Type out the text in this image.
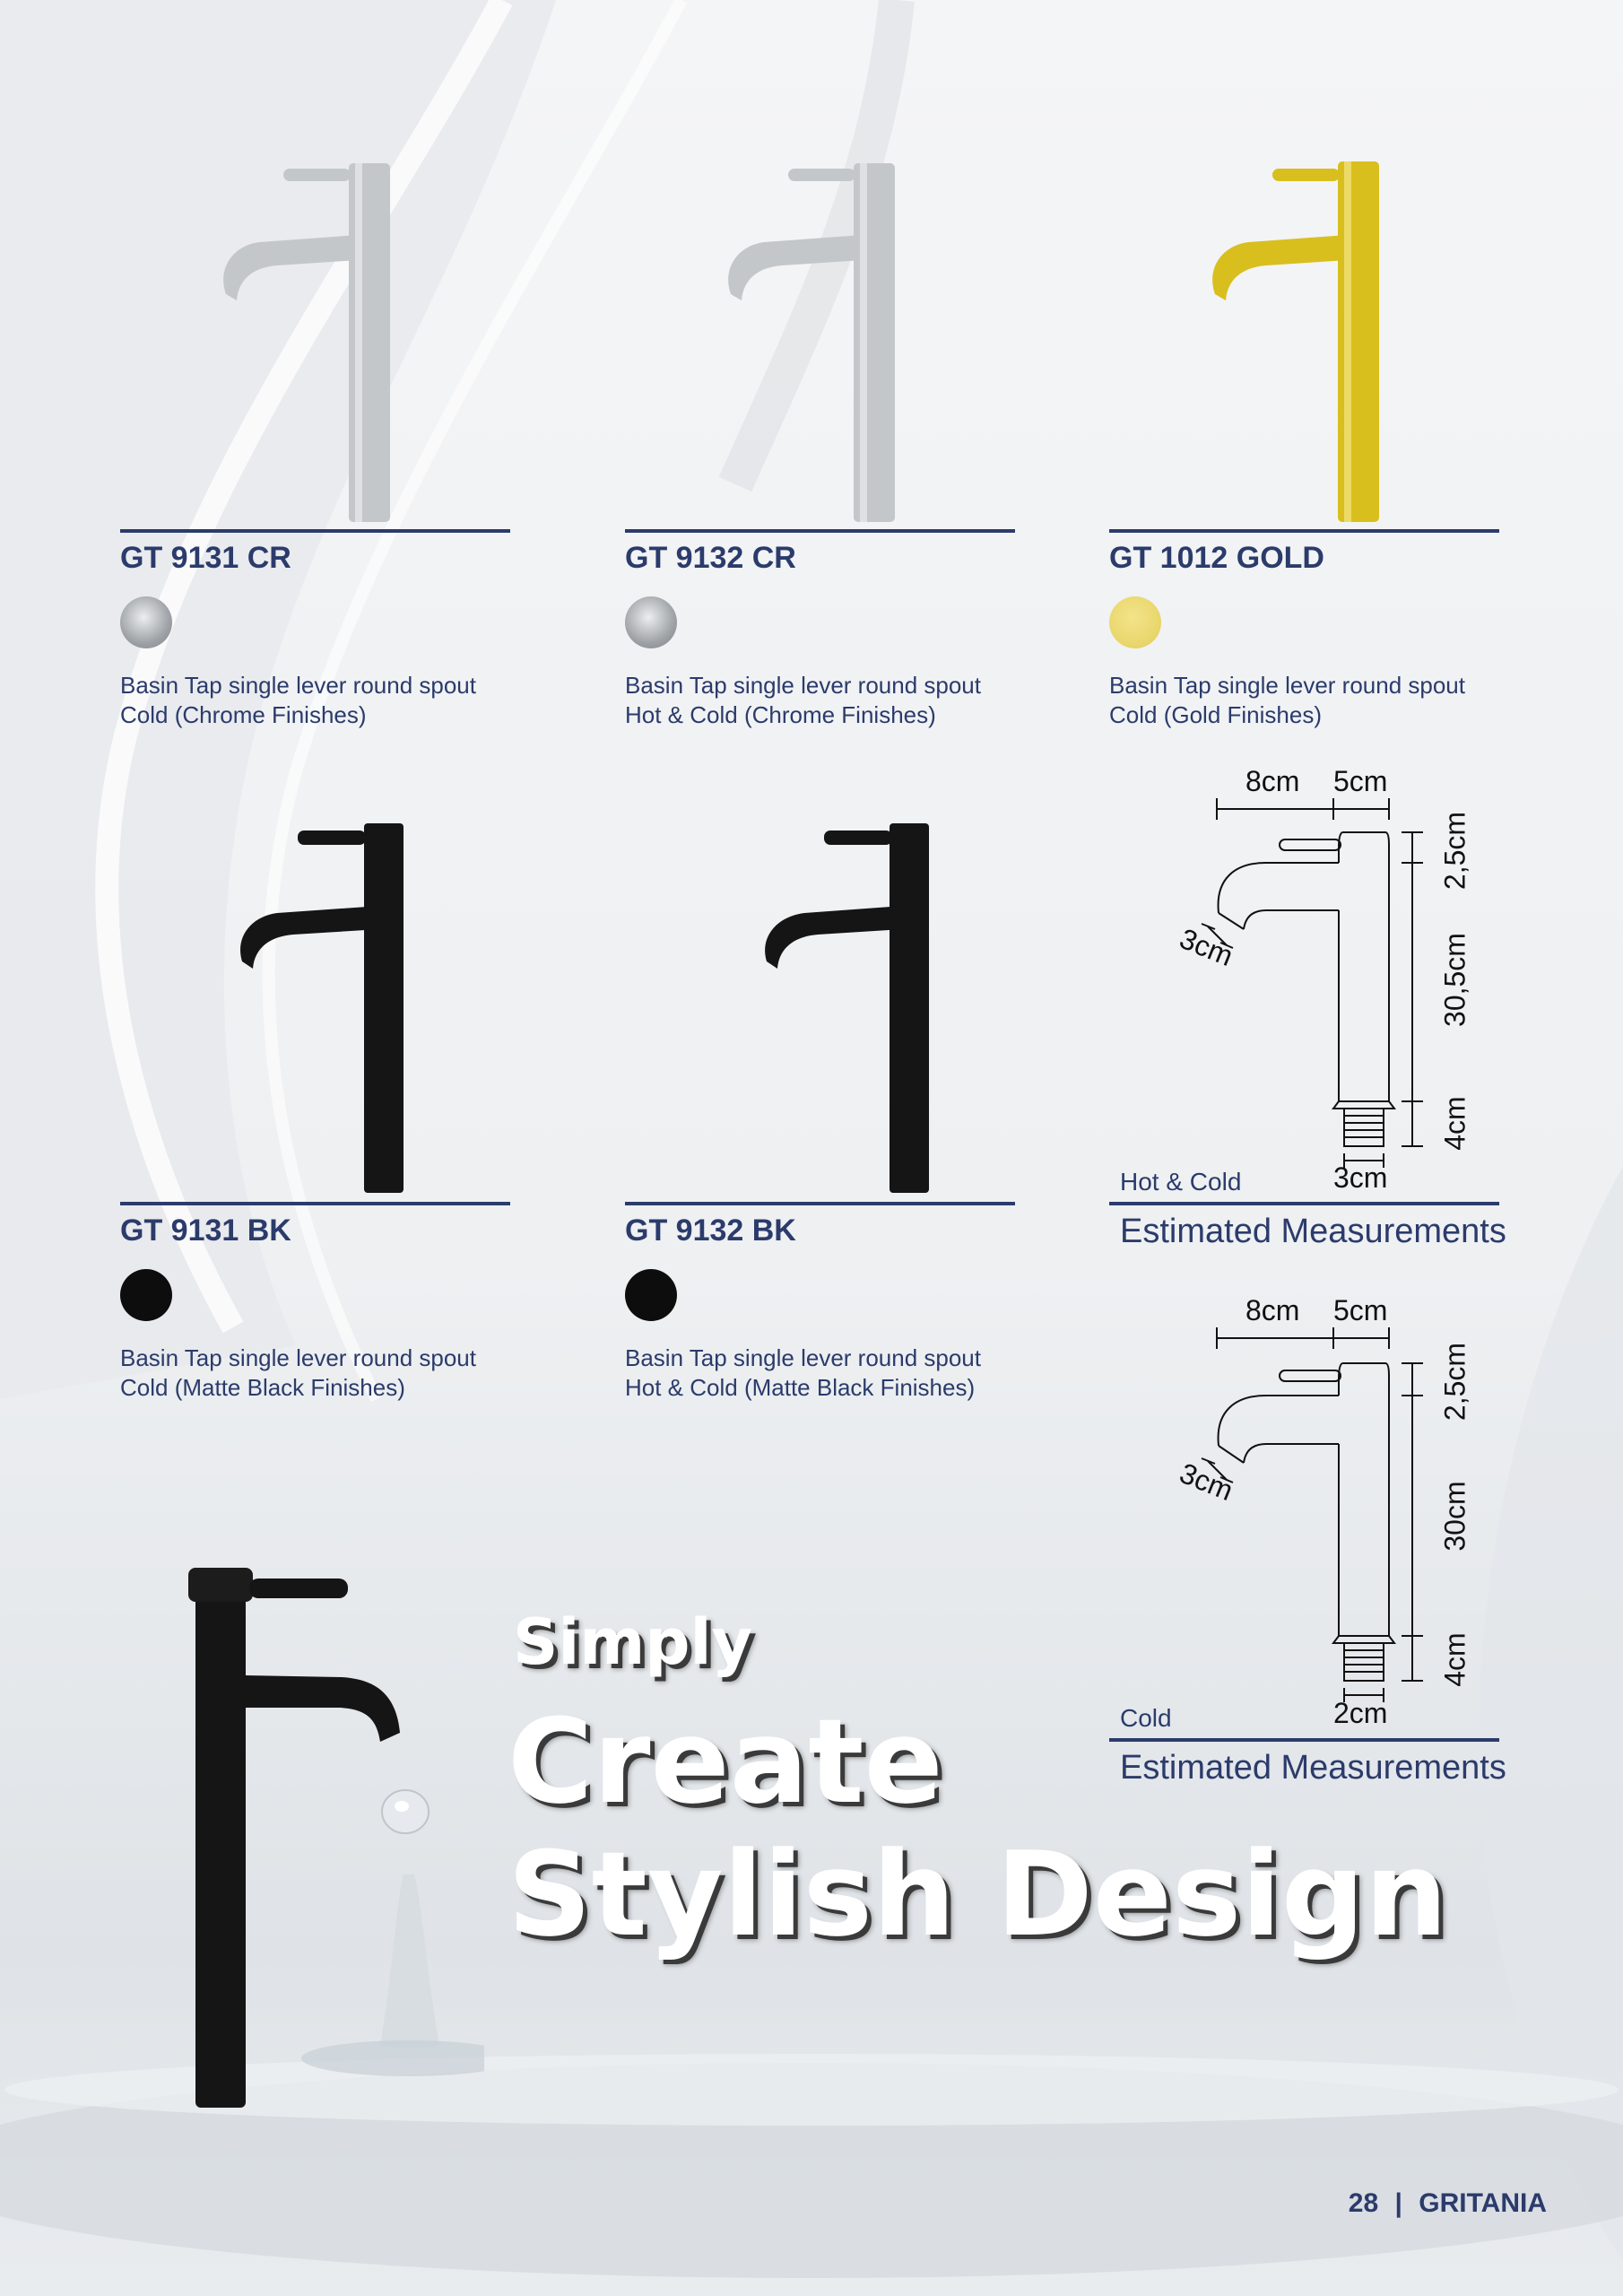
GT 9131 CR
Basin Tap single lever round spout
Cold (Chrome Finishes)
GT 9132 CR
Basin Tap single lever round spout
Hot & Cold (Chrome Finishes)
GT 1012 GOLD
Basin Tap single lever round spout
Cold (Gold Finishes)
GT 9131 BK
Basin Tap single lever round spout
Cold (Matte Black Finishes)
GT 9132 BK
Basin Tap single lever round spout
Hot & Cold (Matte Black Finishes)
8cm 5cm
3cm
2,5cm
30,5cm
4cm
3cm
Hot & Cold
Estimated Measurements
8cm 5cm
3cm
2,5cm
30cm
4cm
2cm
Cold
Estimated Measurements
Simply
Create
Stylish Design
28 | GRITANIA
